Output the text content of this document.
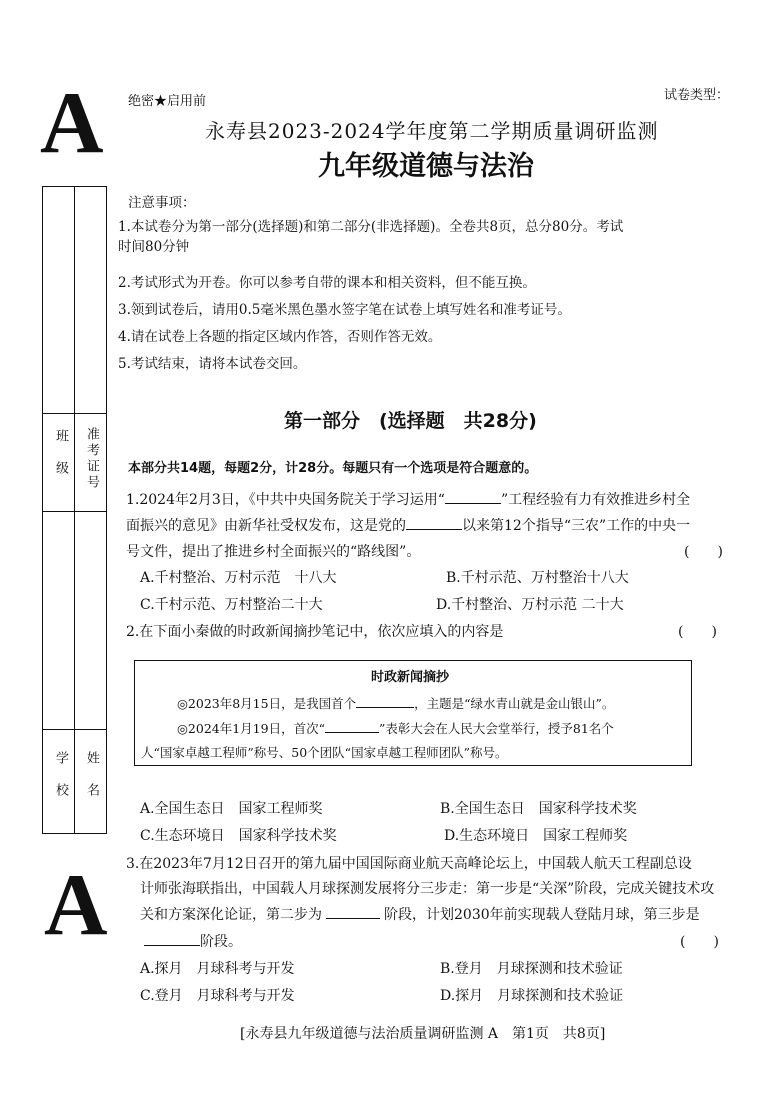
A
A
绝密★启用前	试卷类型：
永寿县2023-2024学年度第二学期质量调研监测
九年级道德与法治
班　级 准考证号
学　校 姓　名
注意事项：
1.本试卷分为第一部分(选择题)和第二部分(非选择题)。全卷共8页，总分80分。考试
时间80分钟
2.考试形式为开卷。你可以参考自带的课本和相关资料，但不能互换。
3.领到试卷后，请用0.5毫米黑色墨水签字笔在试卷上填写姓名和准考证号。
4.请在试卷上各题的指定区域内作答，否则作答无效。
5.考试结束，请将本试卷交回。
第一部分　(选择题　共28分)
本部分共14题，每题2分，计28分。每题只有一个选项是符合题意的。
1.2024年2月3日，《中共中央国务院关于学习运用“	”工程经验有力有效推进乡村全
面振兴的意见》由新华社受权发布，这是党的	以来第12个指导“三农”工作的中央一
号文件，提出了推进乡村全面振兴的“路线图”。	(　　)
A.千村整治、万村示范　十八大	B.千村示范、万村整治十八大
C.千村示范、万村整治二十大	D.千村整治、万村示范 二十大
2.在下面小秦做的时政新闻摘抄笔记中，依次应填入的内容是	(　　)
时政新闻摘抄
◎2023年8月15日，是我国首个	，主题是“绿水青山就是金山银山”。
◎2024年1月19日，首次“	”表彰大会在人民大会堂举行，授予81名个
人“国家卓越工程师”称号、50个团队“国家卓越工程师团队”称号。
A.全国生态日　国家工程师奖	B.全国生态日　国家科学技术奖
C.生态环境日　国家科学技术奖	D.生态环境日　国家工程师奖
3.在2023年7月12日召开的第九届中国国际商业航天高峰论坛上，中国载人航天工程副总设
计师张海联指出，中国载人月球探测发展将分三步走：第一步是“关深”阶段，完成关键技术攻
关和方案深化论证，第二步为	阶段，计划2030年前实现载人登陆月球，第三步是
阶段。	(　　)
A.探月　月球科考与开发	B.登月　月球探测和技术验证
C.登月　月球科考与开发	D.探月　月球探测和技术验证
[永寿县九年级道德与法治质量调研监测 A　第1页　共8页]
